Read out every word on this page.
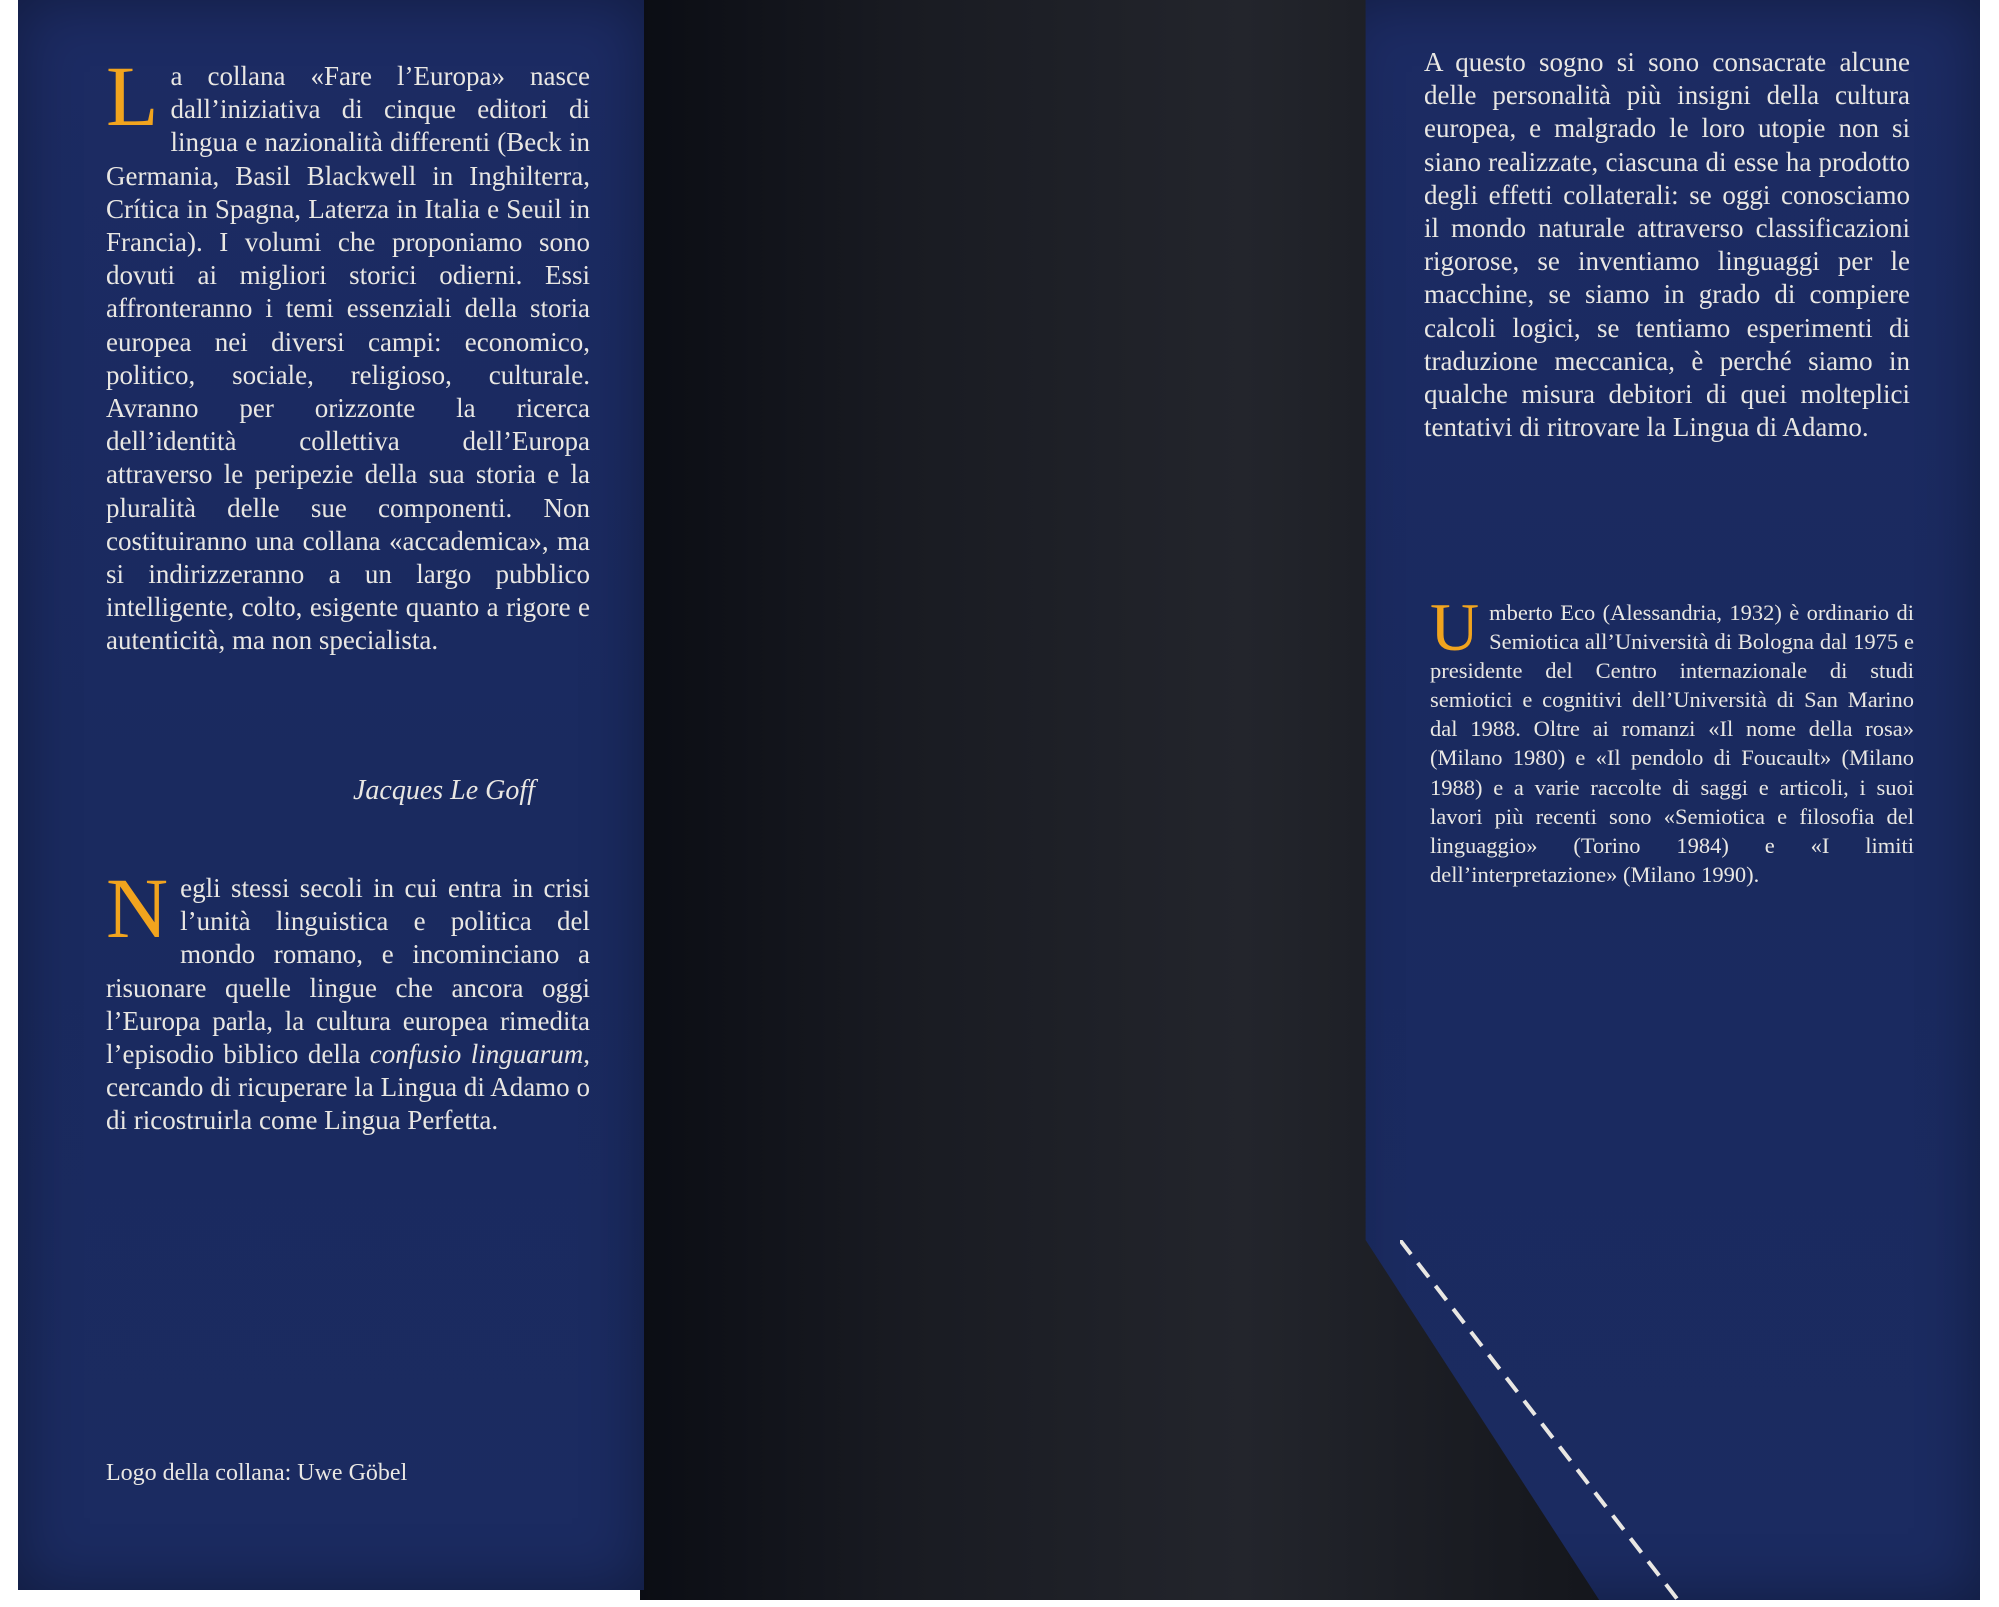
La collana «Fare l’Europa» nasce dall’iniziativa di cinque editori di lingua e nazionalità differenti (Beck in Germania, Basil Blackwell in Inghilterra, Crítica in Spagna, Laterza in Italia e Seuil in Francia). I volumi che proponiamo sono dovuti ai migliori storici odierni. Essi affronteranno i temi essenziali della storia europea nei diversi campi: economico, politico, sociale, religioso, culturale. Avranno per orizzonte la ricerca dell’identità collettiva dell’Europa attraverso le peripezie della sua storia e la pluralità delle sue componenti. Non costituiranno una collana «accademica», ma si indirizzeranno a un largo pubblico intelligente, colto, esigente quanto a rigore e autenticità, ma non specialista.

Jacques Le Goff

Negli stessi secoli in cui entra in crisi l’unità linguistica e politica del mondo romano, e incominciano a risuonare quelle lingue che ancora oggi l’Europa parla, la cultura europea rimedita l’episodio biblico della confusio linguarum, cercando di ricuperare la Lingua di Adamo o di ricostruirla come Lingua Perfetta.

Logo della collana: Uwe Göbel
A questo sogno si sono consacrate alcune delle personalità più insigni della cultura europea, e malgrado le loro utopie non si siano realizzate, ciascuna di esse ha prodotto degli effetti collaterali: se oggi conosciamo il mondo naturale attraverso classificazioni rigorose, se inventiamo linguaggi per le macchine, se siamo in grado di compiere calcoli logici, se tentiamo esperimenti di traduzione meccanica, è perché siamo in qualche misura debitori di quei molteplici tentativi di ritrovare la Lingua di Adamo.

Umberto Eco (Alessandria, 1932) è ordinario di Semiotica all’Università di Bologna dal 1975 e presidente del Centro internazionale di studi semiotici e cognitivi dell’Università di San Marino dal 1988. Oltre ai romanzi «Il nome della rosa» (Milano 1980) e «Il pendolo di Foucault» (Milano 1988) e a varie raccolte di saggi e articoli, i suoi lavori più recenti sono «Semiotica e filosofia del linguaggio» (Torino 1984) e «I limiti dell’interpretazione» (Milano 1990).
